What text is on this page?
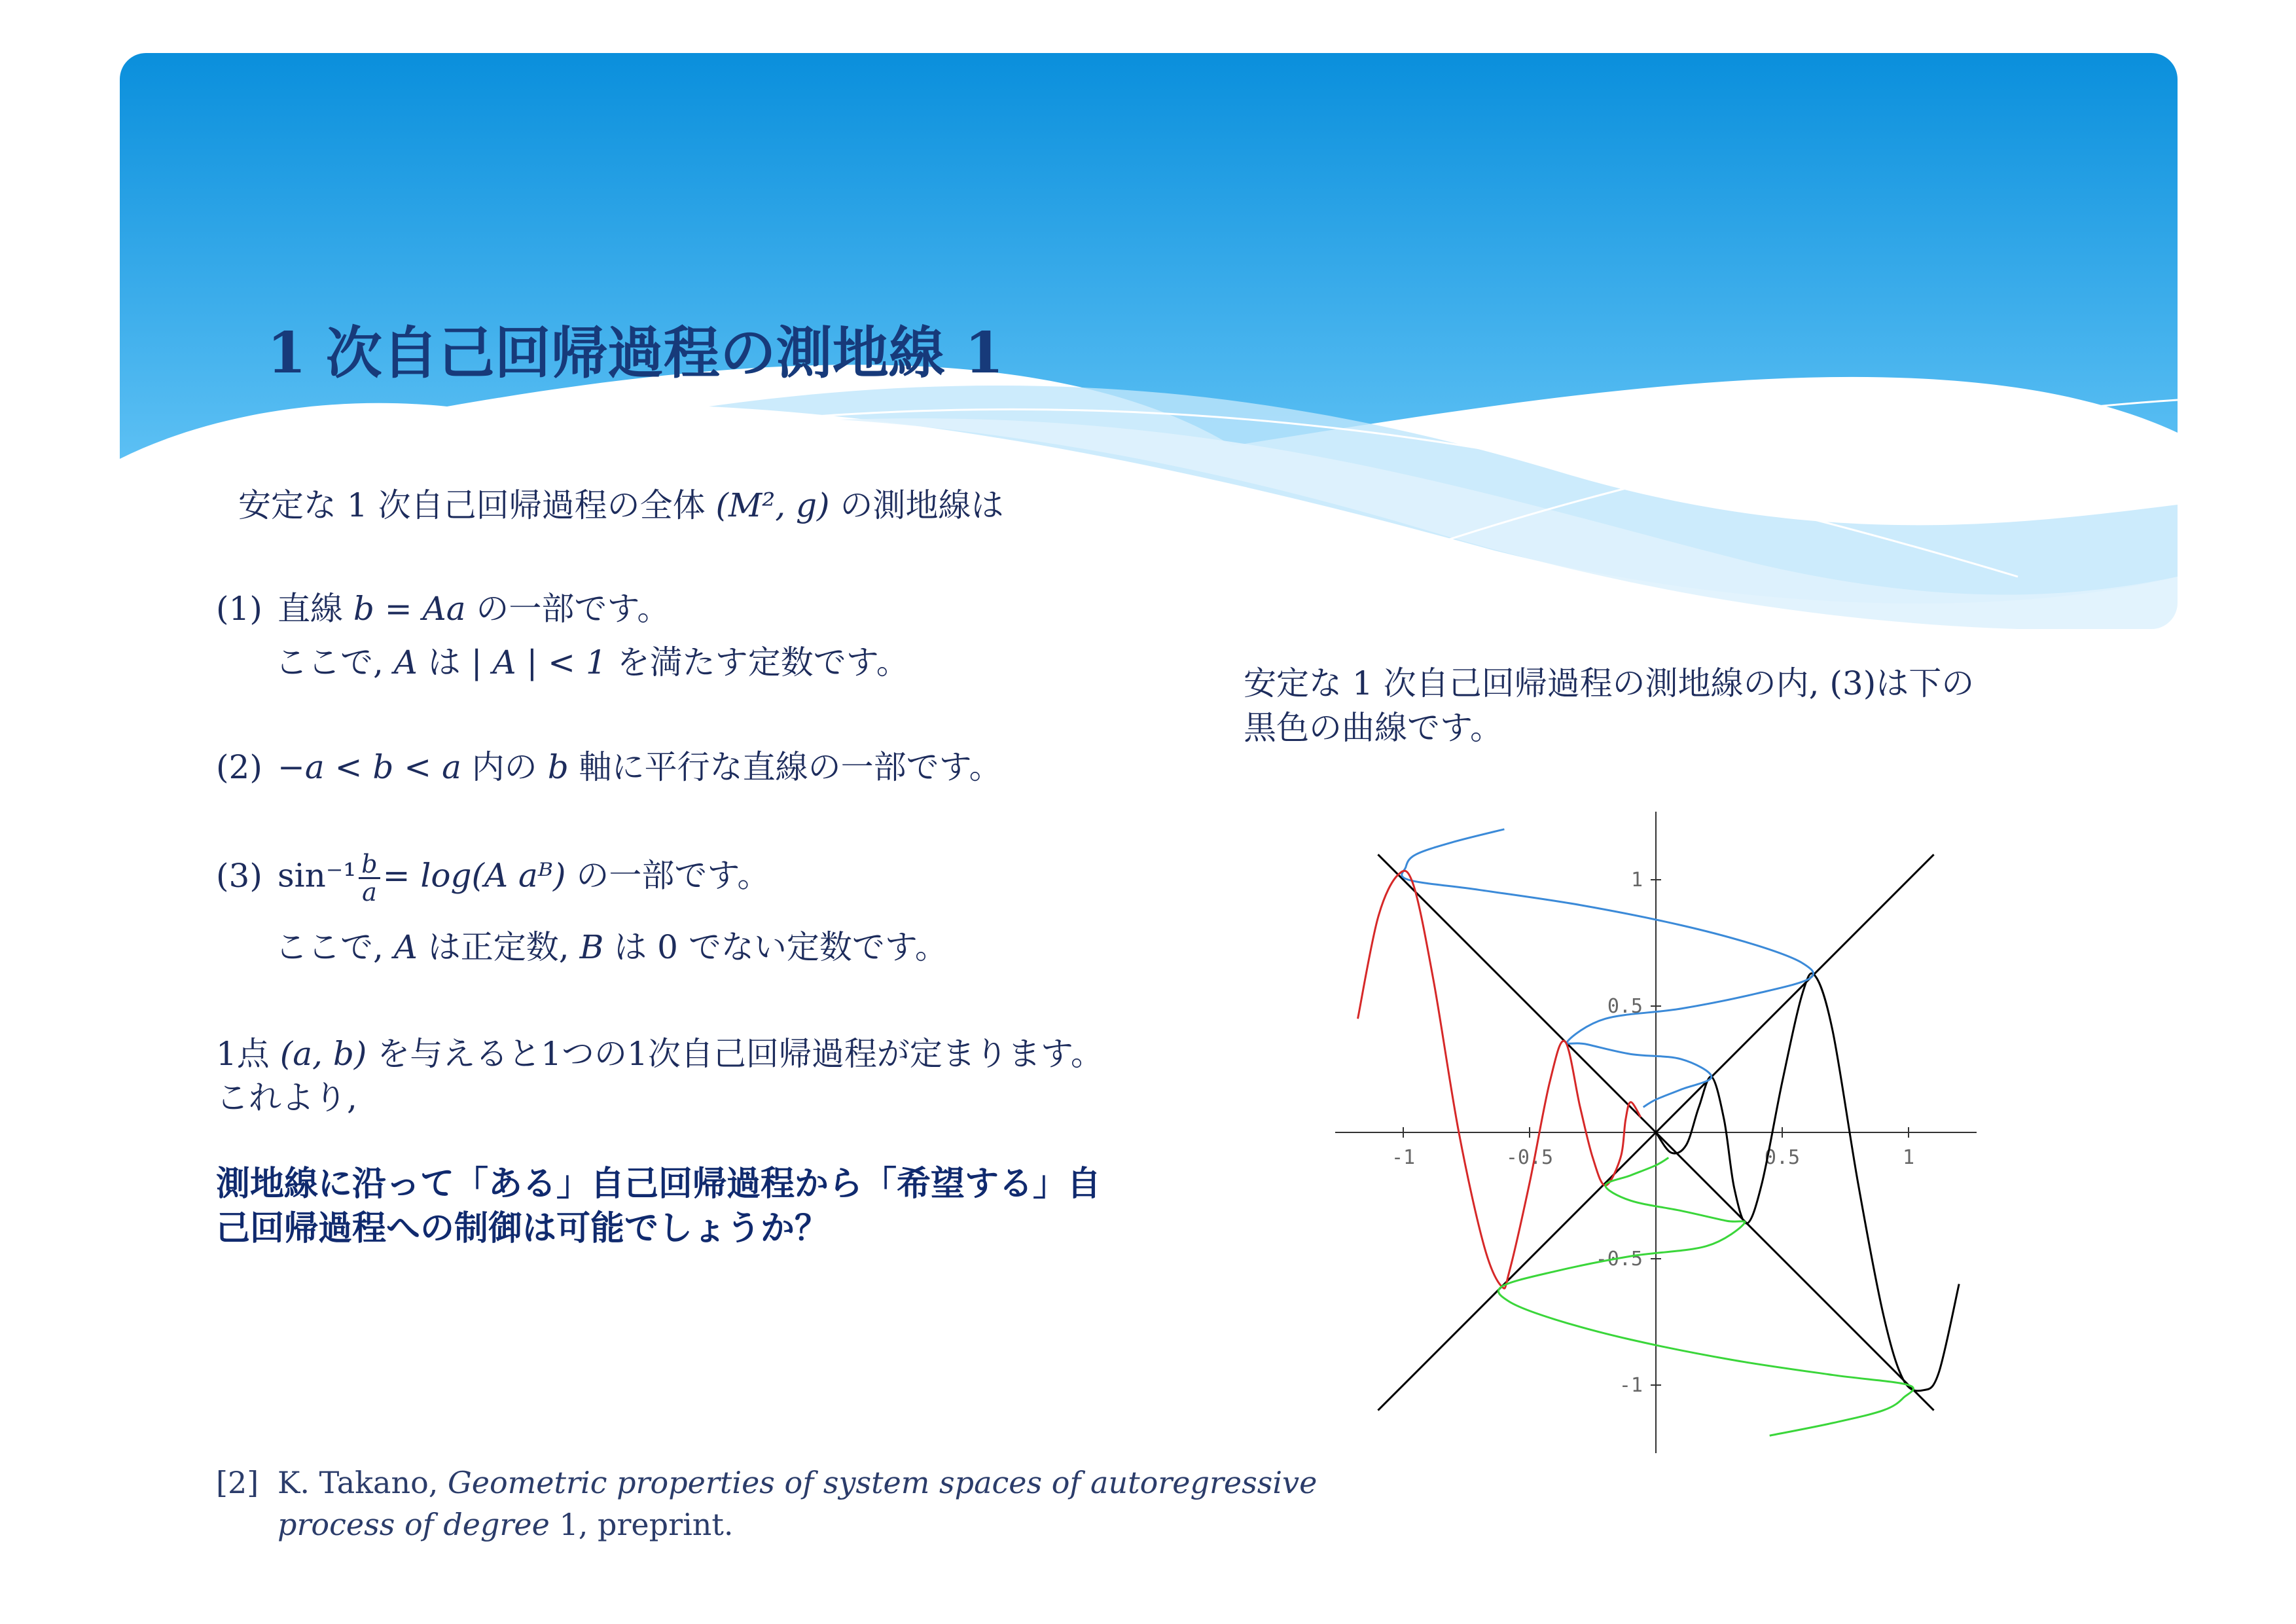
1 次自己回帰過程の測地線 1
安定な 1 次自己回帰過程の全体 (M², g) の測地線は
(1) 直線 b = Aa の一部です。
ここで, A は | A | < 1 を満たす定数です。
(2) −a < b < a 内の b 軸に平行な直線の一部です。
(3) $\sin^{-1} \frac{b}{a} = \log(A$ aᴮ) の一部です。
ここで, A は正定数, B は 0 でない定数です。
1点 (a, b) を与えると1つの1次自己回帰過程が定まります。
これより,
測地線に沿って「ある」自己回帰過程から「希望する」自
己回帰過程への制御は可能でしょうか？
安定な 1 次自己回帰過程の測地線の内, (3)は下の
黒色の曲線です。
[2] K. Takano, Geometric properties of system spaces of autoregressive
process of degree 1, preprint.
-1	-0.5	0.5	1
1
0.5
-0.5
-1
